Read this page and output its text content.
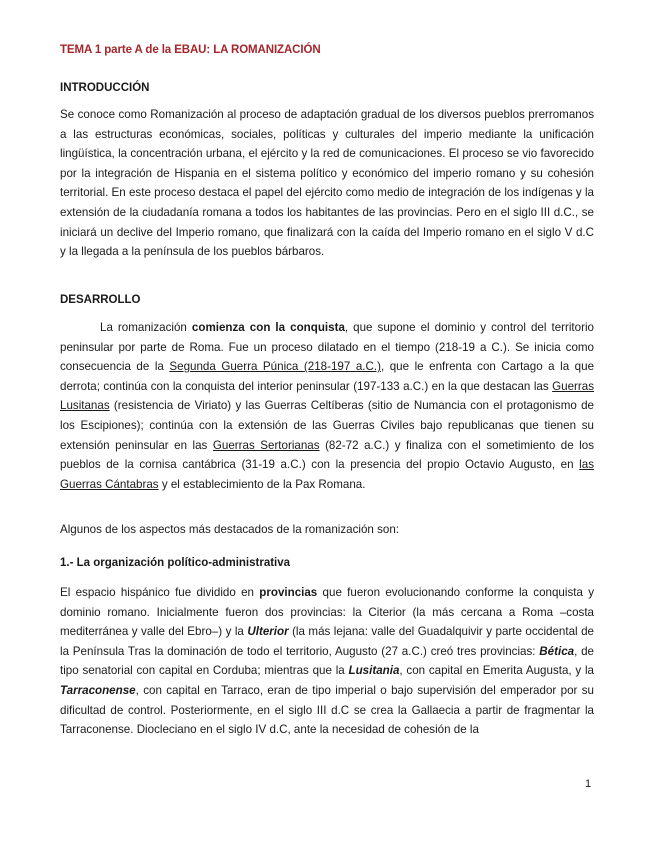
TEMA 1 parte A de la EBAU: LA ROMANIZACIÓN
INTRODUCCIÓN

Se conoce como Romanización al proceso de adaptación gradual de los diversos pueblos prerromanos a las estructuras económicas, sociales, políticas y culturales del imperio mediante la unificación lingüística, la concentración urbana, el ejército y la red de comunicaciones. El proceso se vio favorecido por la integración de Hispania en el sistema político y económico del imperio romano y su cohesión territorial. En este proceso destaca el papel del ejército como medio de integración de los indígenas y la extensión de la ciudadanía romana a todos los habitantes de las provincias. Pero en el siglo III d.C., se iniciará un declive del Imperio romano, que finalizará con la caída del Imperio romano en el siglo V d.C y la llegada a la península de los pueblos bárbaros.

DESARROLLO

La romanización comienza con la conquista, que supone el dominio y control del territorio peninsular por parte de Roma. Fue un proceso dilatado en el tiempo (218-19 a C.). Se inicia como consecuencia de la Segunda Guerra Púnica (218-197 a.C.), que le enfrenta con Cartago a la que derrota; continúa con la conquista del interior peninsular (197-133 a.C.) en la que destacan las Guerras Lusitanas (resistencia de Viriato) y las Guerras Celtíberas (sitio de Numancia con el protagonismo de los Escipiones); continúa con la extensión de las Guerras Civiles bajo republicanas que tienen su extensión peninsular en las Guerras Sertorianas (82-72 a.C.) y finaliza con el sometimiento de los pueblos de la cornisa cantábrica (31-19 a.C.) con la presencia del propio Octavio Augusto, en las Guerras Cántabras y el establecimiento de la Pax Romana.

Algunos de los aspectos más destacados de la romanización son:

1.- La organización político-administrativa

El espacio hispánico fue dividido en provincias que fueron evolucionando conforme la conquista y dominio romano. Inicialmente fueron dos provincias: la Citerior (la más cercana a Roma –costa mediterránea y valle del Ebro–) y la Ulterior (la más lejana: valle del Guadalquivir y parte occidental de la Península Tras la dominación de todo el territorio, Augusto (27 a.C.) creó tres provincias: Bética, de tipo senatorial con capital en Corduba; mientras que la Lusitania, con capital en Emerita Augusta, y la Tarraconense, con capital en Tarraco, eran de tipo imperial o bajo supervisión del emperador por su dificultad de control. Posteriormente, en el siglo III d.C se crea la Gallaecia a partir de fragmentar la Tarraconense. Diocleciano en el siglo IV d.C, ante la necesidad de cohesión de la

1
